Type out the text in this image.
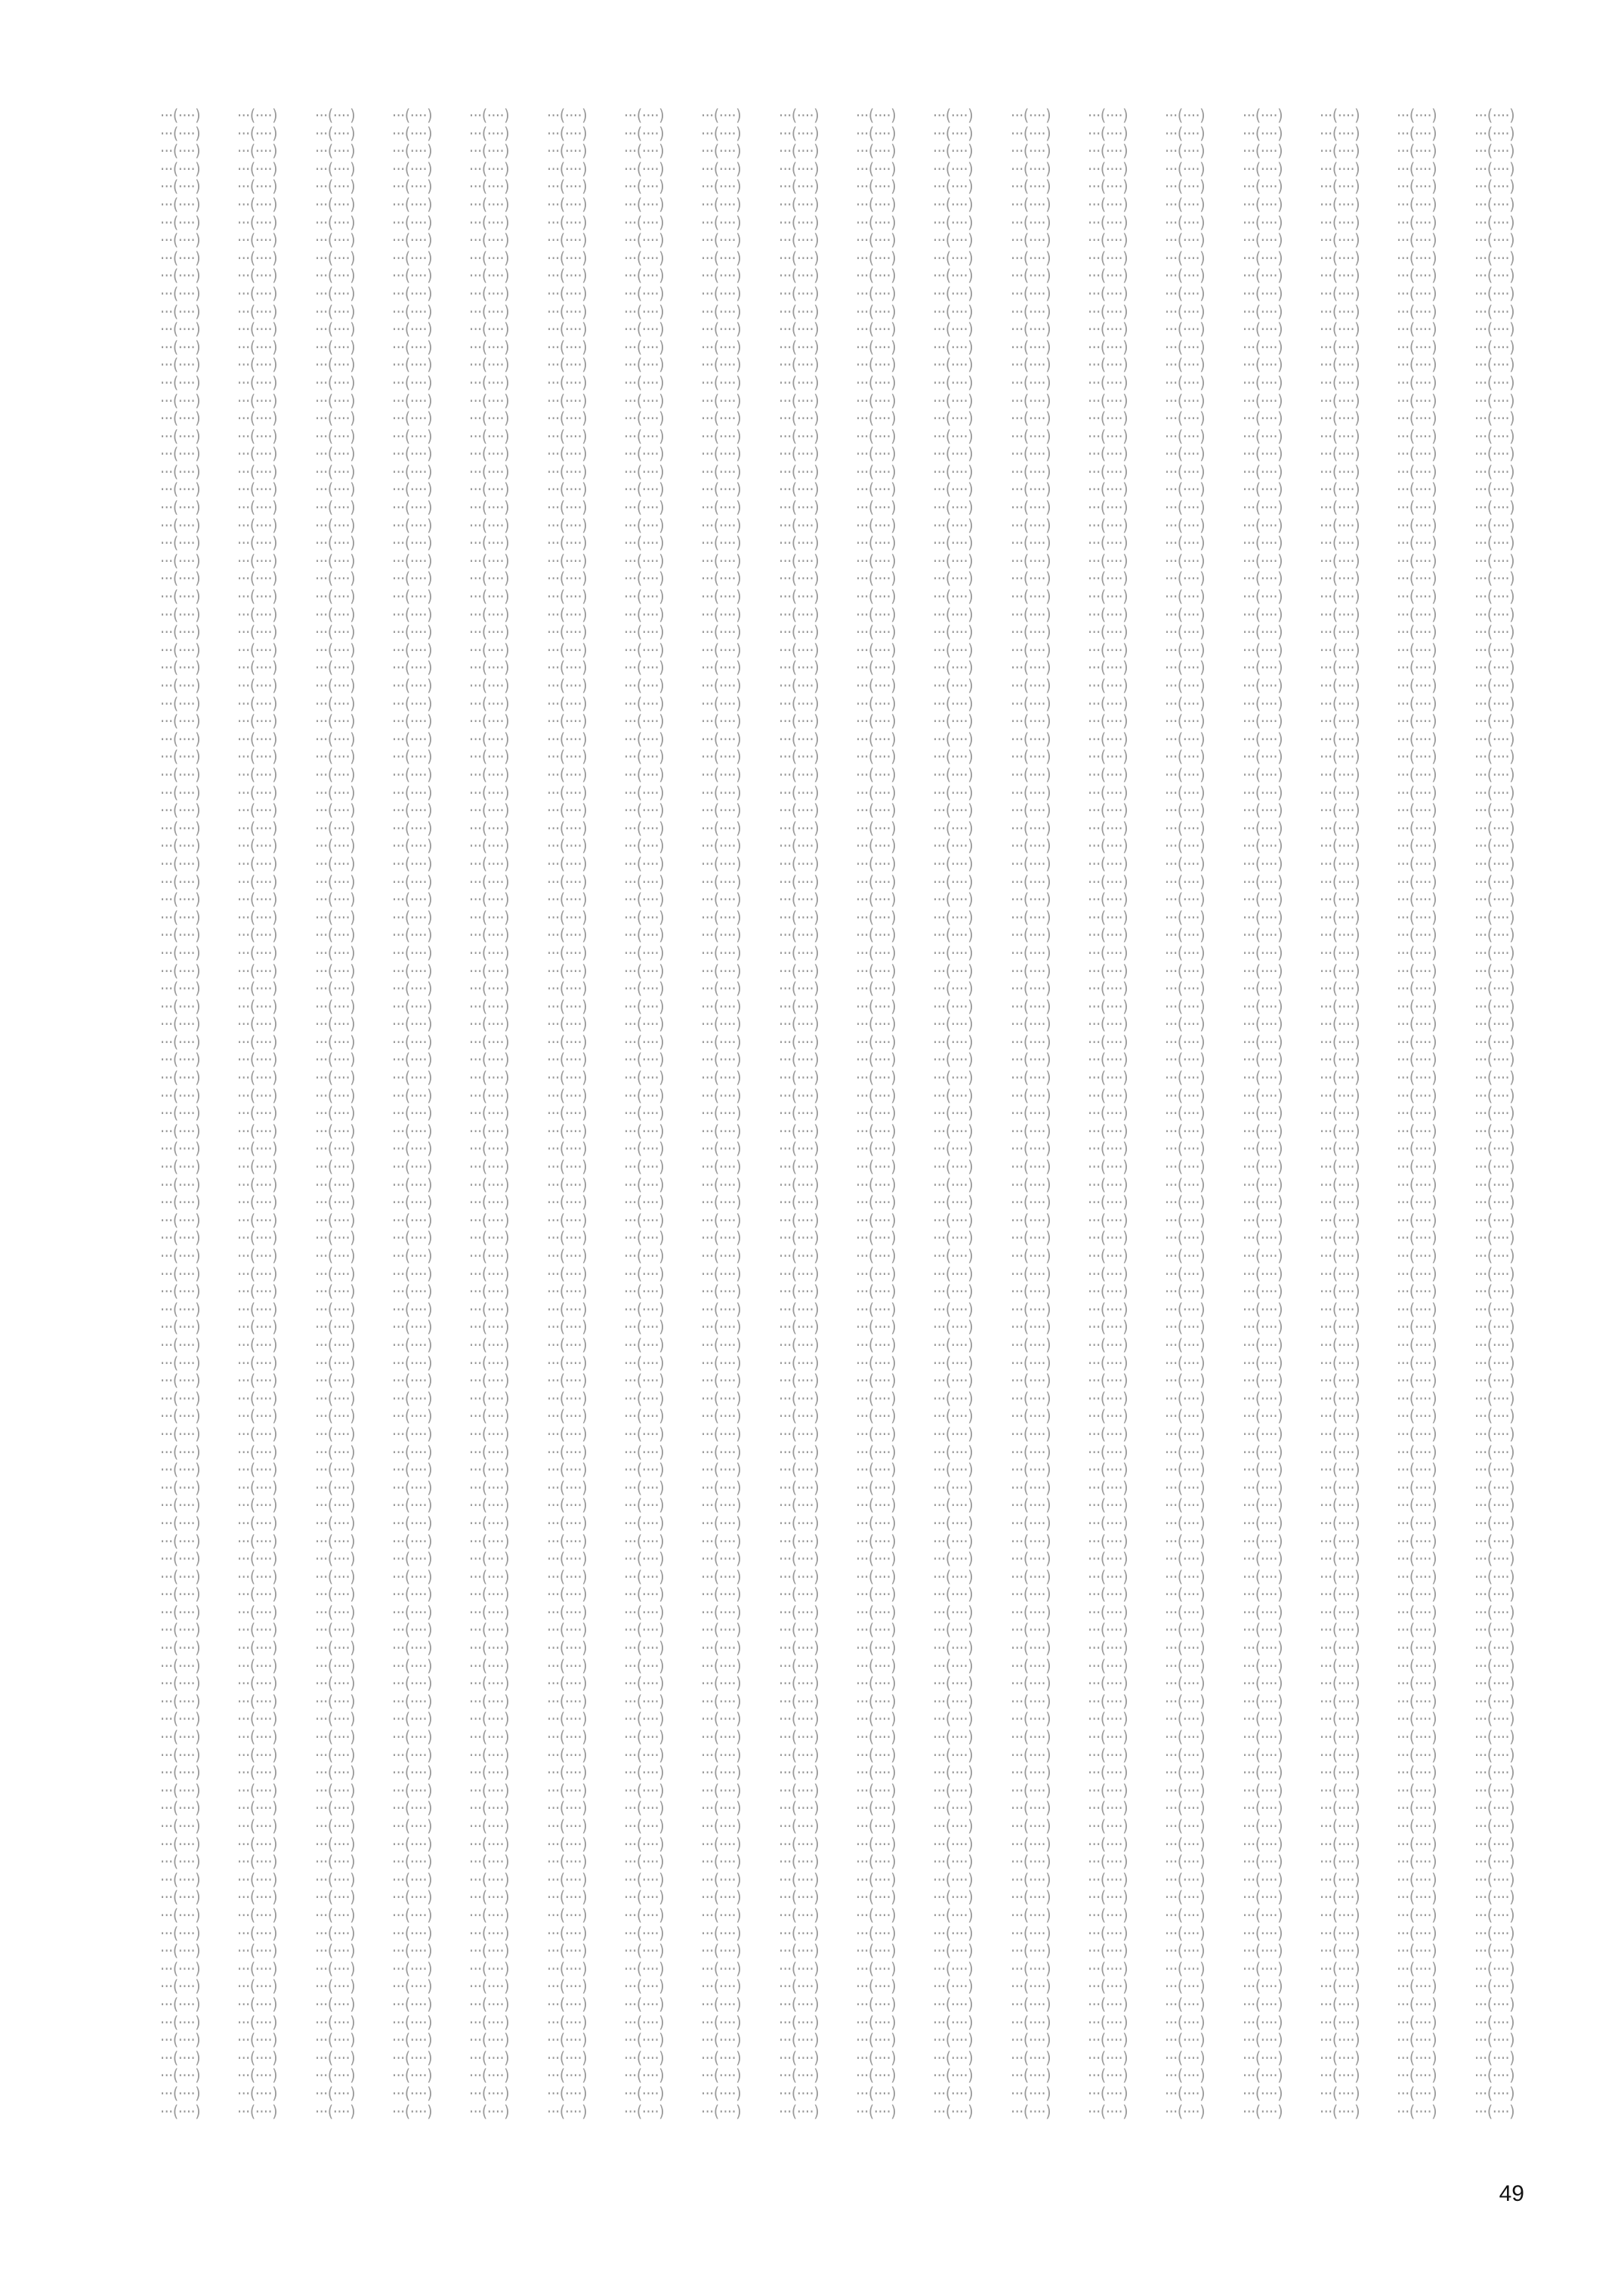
···(····)
···(····)
···(····)
···(····)
···(····)
···(····)
···(····)
···(····)
···(····)
···(····)
···(····)
···(····)
···(····)
···(····)
···(····)
···(····)
···(····)
···(····)
···(····)
···(····)
···(····)
···(····)
···(····)
···(····)
···(····)
···(····)
···(····)
···(····)
···(····)
···(····)
···(····)
···(····)
···(····)
···(····)
···(····)
···(····)
···(····)
···(····)
···(····)
···(····)
···(····)
···(····)
···(····)
···(····)
···(····)
···(····)
···(····)
···(····)
···(····)
···(····)
···(····)
···(····)
···(····)
···(····)
···(····)
···(····)
···(····)
···(····)
···(····)
···(····)
···(····)
···(····)
···(····)
···(····)
···(····)
···(····)
···(····)
···(····)
···(····)
···(····)
···(····)
···(····)
···(····)
···(····)
···(····)
···(····)
···(····)
···(····)
···(····)
···(····)
···(····)
···(····)
···(····)
···(····)
···(····)
···(····)
···(····)
···(····)
···(····)
···(····)
···(····)
···(····)
···(····)
···(····)
···(····)
···(····)
···(····)
···(····)
···(····)
···(····)
···(····)
···(····)
···(····)
···(····)
···(····)
···(····)
···(····)
···(····)
···(····)
···(····)
···(····)
···(····)
···(····)
···(····)
···(····)
···(····)
···(····)
···(····)
···(····)
···(····)
···(····)
···(····)
···(····)
···(····)
···(····)
···(····)
···(····)
···(····)
···(····)
···(····)
···(····)
···(····)
···(····)
···(····)
···(····)
···(····)
···(····)
···(····)
···(····)
···(····)
···(····)
···(····)
···(····)
···(····)
···(····)
···(····)
···(····)
···(····)
···(····)
···(····)
···(····)
···(····)
···(····)
···(····)
···(····)
···(····)
···(····)
···(····)
···(····)
···(····)
···(····)
···(····)
···(····)
···(····)
···(····)
···(····)
···(····)
···(····)
···(····)
···(····)
···(····)
···(····)
···(····)
···(····)
···(····)
···(····)
···(····)
···(····)
···(····)
···(····)
···(····)
···(····)
···(····)
···(····)
···(····)
···(····)
···(····)
···(····)
···(····)
···(····)
···(····)
···(····)
···(····)
···(····)
···(····)
···(····)
···(····)
···(····)
···(····)
···(····)
···(····)
···(····)
···(····)
···(····)
···(····)
···(····)
···(····)
···(····)
···(····)
···(····)
···(····)
···(····)
···(····)
···(····)
···(····)
···(····)
···(····)
···(····)
···(····)
···(····)
···(····)
···(····)
···(····)
···(····)
···(····)
···(····)
···(····)
···(····)
···(····)
···(····)
···(····)
···(····)
···(····)
···(····)
···(····)
···(····)
···(····)
···(····)
···(····)
···(····)
···(····)
···(····)
···(····)
···(····)
···(····)
···(····)
···(····)
···(····)
···(····)
···(····)
···(····)
···(····)
···(····)
···(····)
···(····)
···(····)
···(····)
···(····)
···(····)
···(····)
···(····)
···(····)
···(····)
···(····)
···(····)
···(····)
···(····)
···(····)
···(····)
···(····)
···(····)
···(····)
···(····)
···(····)
···(····)
···(····)
···(····)
···(····)
···(····)
···(····)
···(····)
···(····)
···(····)
···(····)
···(····)
···(····)
···(····)
···(····)
···(····)
···(····)
···(····)
···(····)
···(····)
···(····)
···(····)
···(····)
···(····)
···(····)
···(····)
···(····)
···(····)
···(····)
···(····)
···(····)
···(····)
···(····)
···(····)
···(····)
···(····)
···(····)
···(····)
···(····)
···(····)
···(····)
···(····)
···(····)
···(····)
···(····)
···(····)
···(····)
···(····)
···(····)
···(····)
···(····)
···(····)
···(····)
···(····)
···(····)
···(····)
···(····)
···(····)
···(····)
···(····)
···(····)
···(····)
···(····)
···(····)
···(····)
···(····)
···(····)
···(····)
···(····)
···(····)
···(····)
···(····)
···(····)
···(····)
···(····)
···(····)
···(····)
···(····)
···(····)
···(····)
···(····)
···(····)
···(····)
···(····)
···(····)
···(····)
···(····)
···(····)
···(····)
···(····)
···(····)
···(····)
···(····)
···(····)
···(····)
···(····)
···(····)
···(····)
···(····)
···(····)
···(····)
···(····)
···(····)
···(····)
···(····)
···(····)
···(····)
···(····)
···(····)
···(····)
···(····)
···(····)
···(····)
···(····)
···(····)
···(····)
···(····)
···(····)
···(····)
···(····)
···(····)
···(····)
···(····)
···(····)
···(····)
···(····)
···(····)
···(····)
···(····)
···(····)
···(····)
···(····)
···(····)
···(····)
···(····)
···(····)
···(····)
···(····)
···(····)
···(····)
···(····)
···(····)
···(····)
···(····)
···(····)
···(····)
···(····)
···(····)
···(····)
···(····)
···(····)
···(····)
···(····)
···(····)
···(····)
···(····)
···(····)
···(····)
···(····)
···(····)
···(····)
···(····)
···(····)
···(····)
···(····)
···(····)
···(····)
···(····)
···(····)
···(····)
···(····)
···(····)
···(····)
···(····)
···(····)
···(····)
···(····)
···(····)
···(····)
···(····)
···(····)
···(····)
···(····)
···(····)
···(····)
···(····)
···(····)
···(····)
···(····)
···(····)
···(····)
···(····)
···(····)
···(····)
···(····)
···(····)
···(····)
···(····)
···(····)
···(····)
···(····)
···(····)
···(····)
···(····)
···(····)
···(····)
···(····)
···(····)
···(····)
···(····)
···(····)
···(····)
···(····)
···(····)
···(····)
···(····)
···(····)
···(····)
···(····)
···(····)
···(····)
···(····)
···(····)
···(····)
···(····)
···(····)
···(····)
···(····)
···(····)
···(····)
···(····)
···(····)
···(····)
···(····)
···(····)
···(····)
···(····)
···(····)
···(····)
···(····)
···(····)
···(····)
···(····)
···(····)
···(····)
···(····)
···(····)
···(····)
···(····)
···(····)
···(····)
···(····)
···(····)
···(····)
···(····)
···(····)
···(····)
···(····)
···(····)
···(····)
···(····)
···(····)
···(····)
···(····)
···(····)
···(····)
···(····)
···(····)
···(····)
···(····)
···(····)
···(····)
···(····)
···(····)
···(····)
···(····)
···(····)
···(····)
···(····)
···(····)
···(····)
···(····)
···(····)
···(····)
···(····)
···(····)
···(····)
···(····)
···(····)
···(····)
···(····)
···(····)
···(····)
···(····)
···(····)
···(····)
···(····)
···(····)
···(····)
···(····)
···(····)
···(····)
···(····)
···(····)
···(····)
···(····)
···(····)
···(····)
···(····)
···(····)
···(····)
···(····)
···(····)
···(····)
···(····)
···(····)
···(····)
···(····)
···(····)
···(····)
···(····)
···(····)
···(····)
···(····)
···(····)
···(····)
···(····)
···(····)
···(····)
···(····)
···(····)
···(····)
···(····)
···(····)
···(····)
···(····)
···(····)
···(····)
···(····)
···(····)
···(····)
···(····)
···(····)
···(····)
···(····)
···(····)
···(····)
···(····)
···(····)
···(····)
···(····)
···(····)
···(····)
···(····)
···(····)
···(····)
···(····)
···(····)
···(····)
···(····)
···(····)
···(····)
···(····)
···(····)
···(····)
···(····)
···(····)
···(····)
···(····)
···(····)
···(····)
···(····)
···(····)
···(····)
···(····)
···(····)
···(····)
···(····)
···(····)
···(····)
···(····)
···(····)
···(····)
···(····)
···(····)
···(····)
···(····)
···(····)
···(····)
···(····)
···(····)
···(····)
···(····)
···(····)
···(····)
···(····)
···(····)
···(····)
···(····)
···(····)
···(····)
···(····)
···(····)
···(····)
···(····)
···(····)
···(····)
···(····)
···(····)
···(····)
···(····)
···(····)
···(····)
···(····)
···(····)
···(····)
···(····)
···(····)
···(····)
···(····)
···(····)
···(····)
···(····)
···(····)
···(····)
···(····)
···(····)
···(····)
···(····)
···(····)
···(····)
···(····)
···(····)
···(····)
···(····)
···(····)
···(····)
···(····)
···(····)
···(····)
···(····)
···(····)
···(····)
···(····)
···(····)
···(····)
···(····)
···(····)
···(····)
···(····)
···(····)
···(····)
···(····)
···(····)
···(····)
···(····)
···(····)
···(····)
···(····)
···(····)
···(····)
···(····)
···(····)
···(····)
···(····)
···(····)
···(····)
···(····)
···(····)
···(····)
···(····)
···(····)
···(····)
···(····)
···(····)
···(····)
···(····)
···(····)
···(····)
···(····)
···(····)
···(····)
···(····)
···(····)
···(····)
···(····)
···(····)
···(····)
···(····)
···(····)
···(····)
···(····)
···(····)
···(····)
···(····)
···(····)
···(····)
···(····)
···(····)
···(····)
···(····)
···(····)
···(····)
···(····)
···(····)
···(····)
···(····)
···(····)
···(····)
···(····)
···(····)
···(····)
···(····)
···(····)
···(····)
···(····)
···(····)
···(····)
···(····)
···(····)
···(····)
···(····)
···(····)
···(····)
···(····)
···(····)
···(····)
···(····)
···(····)
···(····)
···(····)
···(····)
···(····)
···(····)
···(····)
···(····)
···(····)
···(····)
···(····)
···(····)
···(····)
···(····)
···(····)
···(····)
···(····)
···(····)
···(····)
···(····)
···(····)
···(····)
···(····)
···(····)
···(····)
···(····)
···(····)
···(····)
···(····)
···(····)
···(····)
···(····)
···(····)
···(····)
···(····)
···(····)
···(····)
···(····)
···(····)
···(····)
···(····)
···(····)
···(····)
···(····)
···(····)
···(····)
···(····)
···(····)
···(····)
···(····)
···(····)
···(····)
···(····)
···(····)
···(····)
···(····)
···(····)
···(····)
···(····)
···(····)
···(····)
···(····)
···(····)
···(····)
···(····)
···(····)
···(····)
···(····)
···(····)
···(····)
···(····)
···(····)
···(····)
···(····)
···(····)
···(····)
···(····)
···(····)
···(····)
···(····)
···(····)
···(····)
···(····)
···(····)
···(····)
···(····)
···(····)
···(····)
···(····)
···(····)
···(····)
···(····)
···(····)
···(····)
···(····)
···(····)
···(····)
···(····)
···(····)
···(····)
···(····)
···(····)
···(····)
···(····)
···(····)
···(····)
···(····)
···(····)
···(····)
···(····)
···(····)
···(····)
···(····)
···(····)
···(····)
···(····)
···(····)
···(····)
···(····)
···(····)
···(····)
···(····)
···(····)
···(····)
···(····)
···(····)
···(····)
···(····)
···(····)
···(····)
···(····)
···(····)
···(····)
···(····)
···(····)
···(····)
···(····)
···(····)
···(····)
···(····)
···(····)
···(····)
···(····)
···(····)
···(····)
···(····)
···(····)
···(····)
···(····)
···(····)
···(····)
···(····)
···(····)
···(····)
···(····)
···(····)
···(····)
···(····)
···(····)
···(····)
···(····)
···(····)
···(····)
···(····)
···(····)
···(····)
···(····)
···(····)
···(····)
···(····)
···(····)
···(····)
···(····)
···(····)
···(····)
···(····)
···(····)
···(····)
···(····)
···(····)
···(····)
···(····)
···(····)
···(····)
···(····)
···(····)
···(····)
···(····)
···(····)
···(····)
···(····)
···(····)
···(····)
···(····)
···(····)
···(····)
···(····)
···(····)
···(····)
···(····)
···(····)
···(····)
···(····)
···(····)
···(····)
···(····)
···(····)
···(····)
···(····)
···(····)
···(····)
···(····)
···(····)
···(····)
···(····)
···(····)
···(····)
···(····)
···(····)
···(····)
···(····)
···(····)
···(····)
···(····)
···(····)
···(····)
···(····)
···(····)
···(····)
···(····)
···(····)
···(····)
···(····)
···(····)
···(····)
···(····)
···(····)
···(····)
···(····)
···(····)
···(····)
···(····)
···(····)
···(····)
···(····)
···(····)
···(····)
···(····)
···(····)
···(····)
···(····)
···(····)
···(····)
···(····)
···(····)
···(····)
···(····)
···(····)
···(····)
···(····)
···(····)
···(····)
···(····)
···(····)
···(····)
···(····)
···(····)
···(····)
···(····)
···(····)
···(····)
···(····)
···(····)
···(····)
···(····)
···(····)
···(····)
···(····)
···(····)
···(····)
···(····)
···(····)
···(····)
···(····)
···(····)
···(····)
···(····)
···(····)
···(····)
···(····)
···(····)
···(····)
···(····)
···(····)
···(····)
···(····)
···(····)
···(····)
···(····)
···(····)
···(····)
···(····)
···(····)
···(····)
···(····)
···(····)
···(····)
···(····)
···(····)
···(····)
···(····)
···(····)
···(····)
···(····)
···(····)
···(····)
···(····)
···(····)
···(····)
···(····)
···(····)
···(····)
···(····)
···(····)
···(····)
···(····)
···(····)
···(····)
···(····)
···(····)
···(····)
···(····)
···(····)
···(····)
···(····)
···(····)
···(····)
···(····)
···(····)
···(····)
···(····)
···(····)
···(····)
···(····)
···(····)
···(····)
···(····)
···(····)
···(····)
···(····)
···(····)
···(····)
···(····)
···(····)
···(····)
···(····)
···(····)
···(····)
···(····)
···(····)
···(····)
···(····)
···(····)
···(····)
···(····)
···(····)
···(····)
···(····)
···(····)
···(····)
···(····)
···(····)
···(····)
···(····)
···(····)
···(····)
···(····)
···(····)
···(····)
···(····)
···(····)
···(····)
···(····)
···(····)
···(····)
···(····)
···(····)
···(····)
···(····)
···(····)
···(····)
···(····)
···(····)
···(····)
···(····)
···(····)
···(····)
···(····)
···(····)
···(····)
···(····)
···(····)
···(····)
···(····)
···(····)
···(····)
···(····)
···(····)
···(····)
···(····)
···(····)
···(····)
···(····)
···(····)
···(····)
···(····)
···(····)
···(····)
···(····)
···(····)
···(····)
···(····)
···(····)
···(····)
···(····)
···(····)
···(····)
···(····)
···(····)
···(····)
···(····)
···(····)
···(····)
···(····)
···(····)
···(····)
···(····)
···(····)
···(····)
···(····)
···(····)
···(····)
···(····)
···(····)
···(····)
···(····)
···(····)
···(····)
···(····)
···(····)
···(····)
···(····)
···(····)
···(····)
···(····)
···(····)
···(····)
···(····)
···(····)
···(····)
···(····)
···(····)
···(····)
···(····)
···(····)
···(····)
···(····)
···(····)
···(····)
···(····)
···(····)
···(····)
···(····)
···(····)
···(····)
···(····)
···(····)
···(····)
···(····)
···(····)
···(····)
···(····)
···(····)
···(····)
···(····)
···(····)
···(····)
···(····)
···(····)
···(····)
···(····)
···(····)
···(····)
···(····)
···(····)
···(····)
···(····)
···(····)
···(····)
···(····)
···(····)
···(····)
···(····)
···(····)
···(····)
···(····)
···(····)
···(····)
···(····)
···(····)
···(····)
···(····)
···(····)
···(····)
···(····)
···(····)
···(····)
···(····)
···(····)
···(····)
···(····)
···(····)
···(····)
···(····)
···(····)
···(····)
···(····)
···(····)
···(····)
···(····)
···(····)
···(····)
···(····)
···(····)
···(····)
···(····)
···(····)
···(····)
···(····)
···(····)
···(····)
···(····)
···(····)
···(····)
···(····)
···(····)
···(····)
···(····)
···(····)
···(····)
···(····)
···(····)
···(····)
···(····)
···(····)
···(····)
···(····)
···(····)
···(····)
···(····)
···(····)
···(····)
···(····)
···(····)
···(····)
···(····)
···(····)
···(····)
···(····)
···(····)
···(····)
···(····)
···(····)
···(····)
···(····)
···(····)
···(····)
···(····)
···(····)
···(····)
···(····)
···(····)
···(····)
···(····)
···(····)
···(····)
···(····)
···(····)
···(····)
···(····)
···(····)
···(····)
···(····)
···(····)
···(····)
···(····)
···(····)
···(····)
···(····)
···(····)
···(····)
···(····)
···(····)
···(····)
···(····)
···(····)
···(····)
···(····)
···(····)
···(····)
···(····)
···(····)
···(····)
···(····)
···(····)
···(····)
···(····)
···(····)
···(····)
···(····)
···(····)
···(····)
···(····)
···(····)
···(····)
···(····)
···(····)
···(····)
···(····)
···(····)
···(····)
···(····)
···(····)
···(····)
···(····)
···(····)
···(····)
···(····)
···(····)
···(····)
···(····)
···(····)
···(····)
···(····)
···(····)
···(····)
···(····)
···(····)
···(····)
···(····)
···(····)
···(····)
···(····)
···(····)
···(····)
···(····)
···(····)
···(····)
···(····)
···(····)
···(····)
···(····)
···(····)
···(····)
···(····)
···(····)
···(····)
···(····)
···(····)
···(····)
···(····)
···(····)
···(····)
···(····)
···(····)
···(····)
···(····)
···(····)
···(····)
···(····)
···(····)
···(····)
···(····)
···(····)
···(····)
···(····)
···(····)
···(····)
···(····)
···(····)
···(····)
···(····)
···(····)
···(····)
···(····)
···(····)
···(····)
···(····)
···(····)
···(····)
···(····)
···(····)
···(····)
···(····)
···(····)
···(····)
···(····)
···(····)
···(····)
···(····)
···(····)
···(····)
···(····)
···(····)
···(····)
···(····)
···(····)
···(····)
···(····)
···(····)
···(····)
···(····)
···(····)
···(····)
···(····)
···(····)
···(····)
···(····)
···(····)
···(····)
···(····)
···(····)
···(····)
···(····)
···(····)
···(····)
···(····)
···(····)
···(····)
···(····)
···(····)
···(····)
···(····)
···(····)
···(····)
···(····)
···(····)
···(····)
···(····)
···(····)
···(····)
···(····)
···(····)
···(····)
···(····)
···(····)
···(····)
···(····)
···(····)
···(····)
···(····)
···(····)
···(····)
···(····)
···(····)
···(····)
···(····)
···(····)
···(····)
···(····)
···(····)
···(····)
···(····)
···(····)
···(····)
···(····)
···(····)
···(····)
···(····)
···(····)
···(····)
···(····)
···(····)
···(····)
···(····)
···(····)
···(····)
···(····)
···(····)
···(····)
···(····)
···(····)
···(····)
···(····)
···(····)
···(····)
···(····)
···(····)
···(····)
···(····)
···(····)
···(····)
···(····)
···(····)
···(····)
···(····)
···(····)
···(····)
···(····)
···(····)
···(····)
···(····)
···(····)
···(····)
···(····)
···(····)
···(····)
···(····)
···(····)
···(····)
···(····)
···(····)
···(····)
···(····)
···(····)
···(····)
···(····)
···(····)
···(····)
···(····)
···(····)
···(····)
···(····)
···(····)
···(····)
···(····)
···(····)
···(····)
···(····)
···(····)
···(····)
···(····)
···(····)
···(····)
···(····)
···(····)
···(····)
···(····)
···(····)
···(····)
···(····)
···(····)
···(····)
···(····)
···(····)
···(····)
···(····)
···(····)
···(····)
···(····)
···(····)
···(····)
···(····)
···(····)
···(····)
···(····)
···(····)
···(····)
···(····)
···(····)
···(····)
···(····)
···(····)
···(····)
···(····)
···(····)
···(····)
···(····)
···(····)
···(····)
···(····)
···(····)
···(····)
···(····)
···(····)
···(····)
···(····)
···(····)
···(····)
···(····)
···(····)
···(····)
···(····)
···(····)
···(····)
···(····)
···(····)
···(····)
···(····)
···(····)
···(····)
···(····)
···(····)
···(····)
···(····)
···(····)
···(····)
···(····)
···(····)
···(····)
···(····)
···(····)
···(····)
···(····)
···(····)
···(····)
···(····)
···(····)
···(····)
···(····)
···(····)
···(····)
···(····)
···(····)
···(····)
···(····)
···(····)
···(····)
···(····)
···(····)
···(····)
···(····)
···(····)
···(····)
···(····)
···(····)
···(····)
···(····)
···(····)
···(····)
···(····)
···(····)
···(····)
···(····)
···(····)
···(····)
···(····)
···(····)
···(····)
···(····)
···(····)
···(····)
···(····)
···(····)
···(····)
···(····)
···(····)
···(····)
···(····)
···(····)
···(····)
···(····)
···(····)
···(····)
···(····)
···(····)
···(····)
···(····)
···(····)
···(····)
···(····)
···(····)
···(····)
···(····)
···(····)
···(····)
···(····)
···(····)
···(····)
···(····)
···(····)
···(····)
···(····)
···(····)
···(····)
···(····)
···(····)
···(····)
···(····)
···(····)
···(····)
···(····)
···(····)
···(····)
···(····)
···(····)
···(····)
···(····)
···(····)
···(····)
···(····)
···(····)
···(····)
···(····)
···(····)
···(····)
···(····)
···(····)
···(····)
···(····)
···(····)
···(····)
···(····)
···(····)
···(····)
···(····)
···(····)
···(····)
···(····)
···(····)
···(····)
···(····)
···(····)
···(····)
···(····)
···(····)
···(····)
···(····)
···(····)
···(····)
···(····)
···(····)
···(····)
···(····)
···(····)
···(····)
···(····)
···(····)
···(····)
···(····)
···(····)
···(····)
···(····)
···(····)
···(····)
···(····)
···(····)
···(····)
···(····)
···(····)
···(····)
···(····)
···(····)
···(····)
···(····)
···(····)
···(····)
···(····)
···(····)
···(····)
···(····)
···(····)
···(····)
···(····)
···(····)
···(····)
···(····)
···(····)
···(····)
···(····)
···(····)
···(····)
···(····)
···(····)
···(····)
···(····)
···(····)
···(····)
···(····)
···(····)
···(····)
···(····)
···(····)
···(····)
···(····)
···(····)
···(····)
···(····)
···(····)
···(····)
···(····)
···(····)
···(····)
···(····)
···(····)
···(····)
···(····)
···(····)
···(····)
···(····)
···(····)
···(····)
···(····)
···(····)
···(····)
···(····)
···(····)
···(····)
···(····)
···(····)
···(····)
···(····)
···(····)
···(····)
···(····)
···(····)
···(····)
···(····)
···(····)
···(····)
···(····)
···(····)
···(····)
···(····)
···(····)
···(····)
···(····)
···(····)
···(····)
···(····)
···(····)
···(····)
···(····)
···(····)
···(····)
···(····)
···(····)
···(····)
···(····)
···(····)
···(····)
···(····)
···(····)
···(····)
···(····)
···(····)
···(····)
···(····)
···(····)
···(····)
···(····)
···(····)
···(····)
···(····)
···(····)
···(····)
···(····)
···(····)
···(····)
···(····)
···(····)
···(····)
···(····)
···(····)
···(····)
···(····)
···(····)
···(····)
···(····)
···(····)
···(····)
···(····)
···(····)
···(····)
···(····)
···(····)
···(····)
···(····)
···(····)
···(····)
···(····)
···(····)
···(····)
···(····)
···(····)
···(····)
···(····)
···(····)
···(····)
···(····)
···(····)
···(····)
···(····)
···(····)
···(····)
···(····)
···(····)
···(····)
···(····)
···(····)
···(····)
···(····)
···(····)
···(····)
···(····)
···(····)
···(····)
···(····)
···(····)
···(····)
···(····)
···(····)
···(····)
···(····)
···(····)
···(····)
···(····)
···(····)
···(····)
···(····)
···(····)
···(····)
···(····)
···(····)
···(····)
···(····)
···(····)
···(····)
···(····)
···(····)
···(····)
···(····)
···(····)
49
